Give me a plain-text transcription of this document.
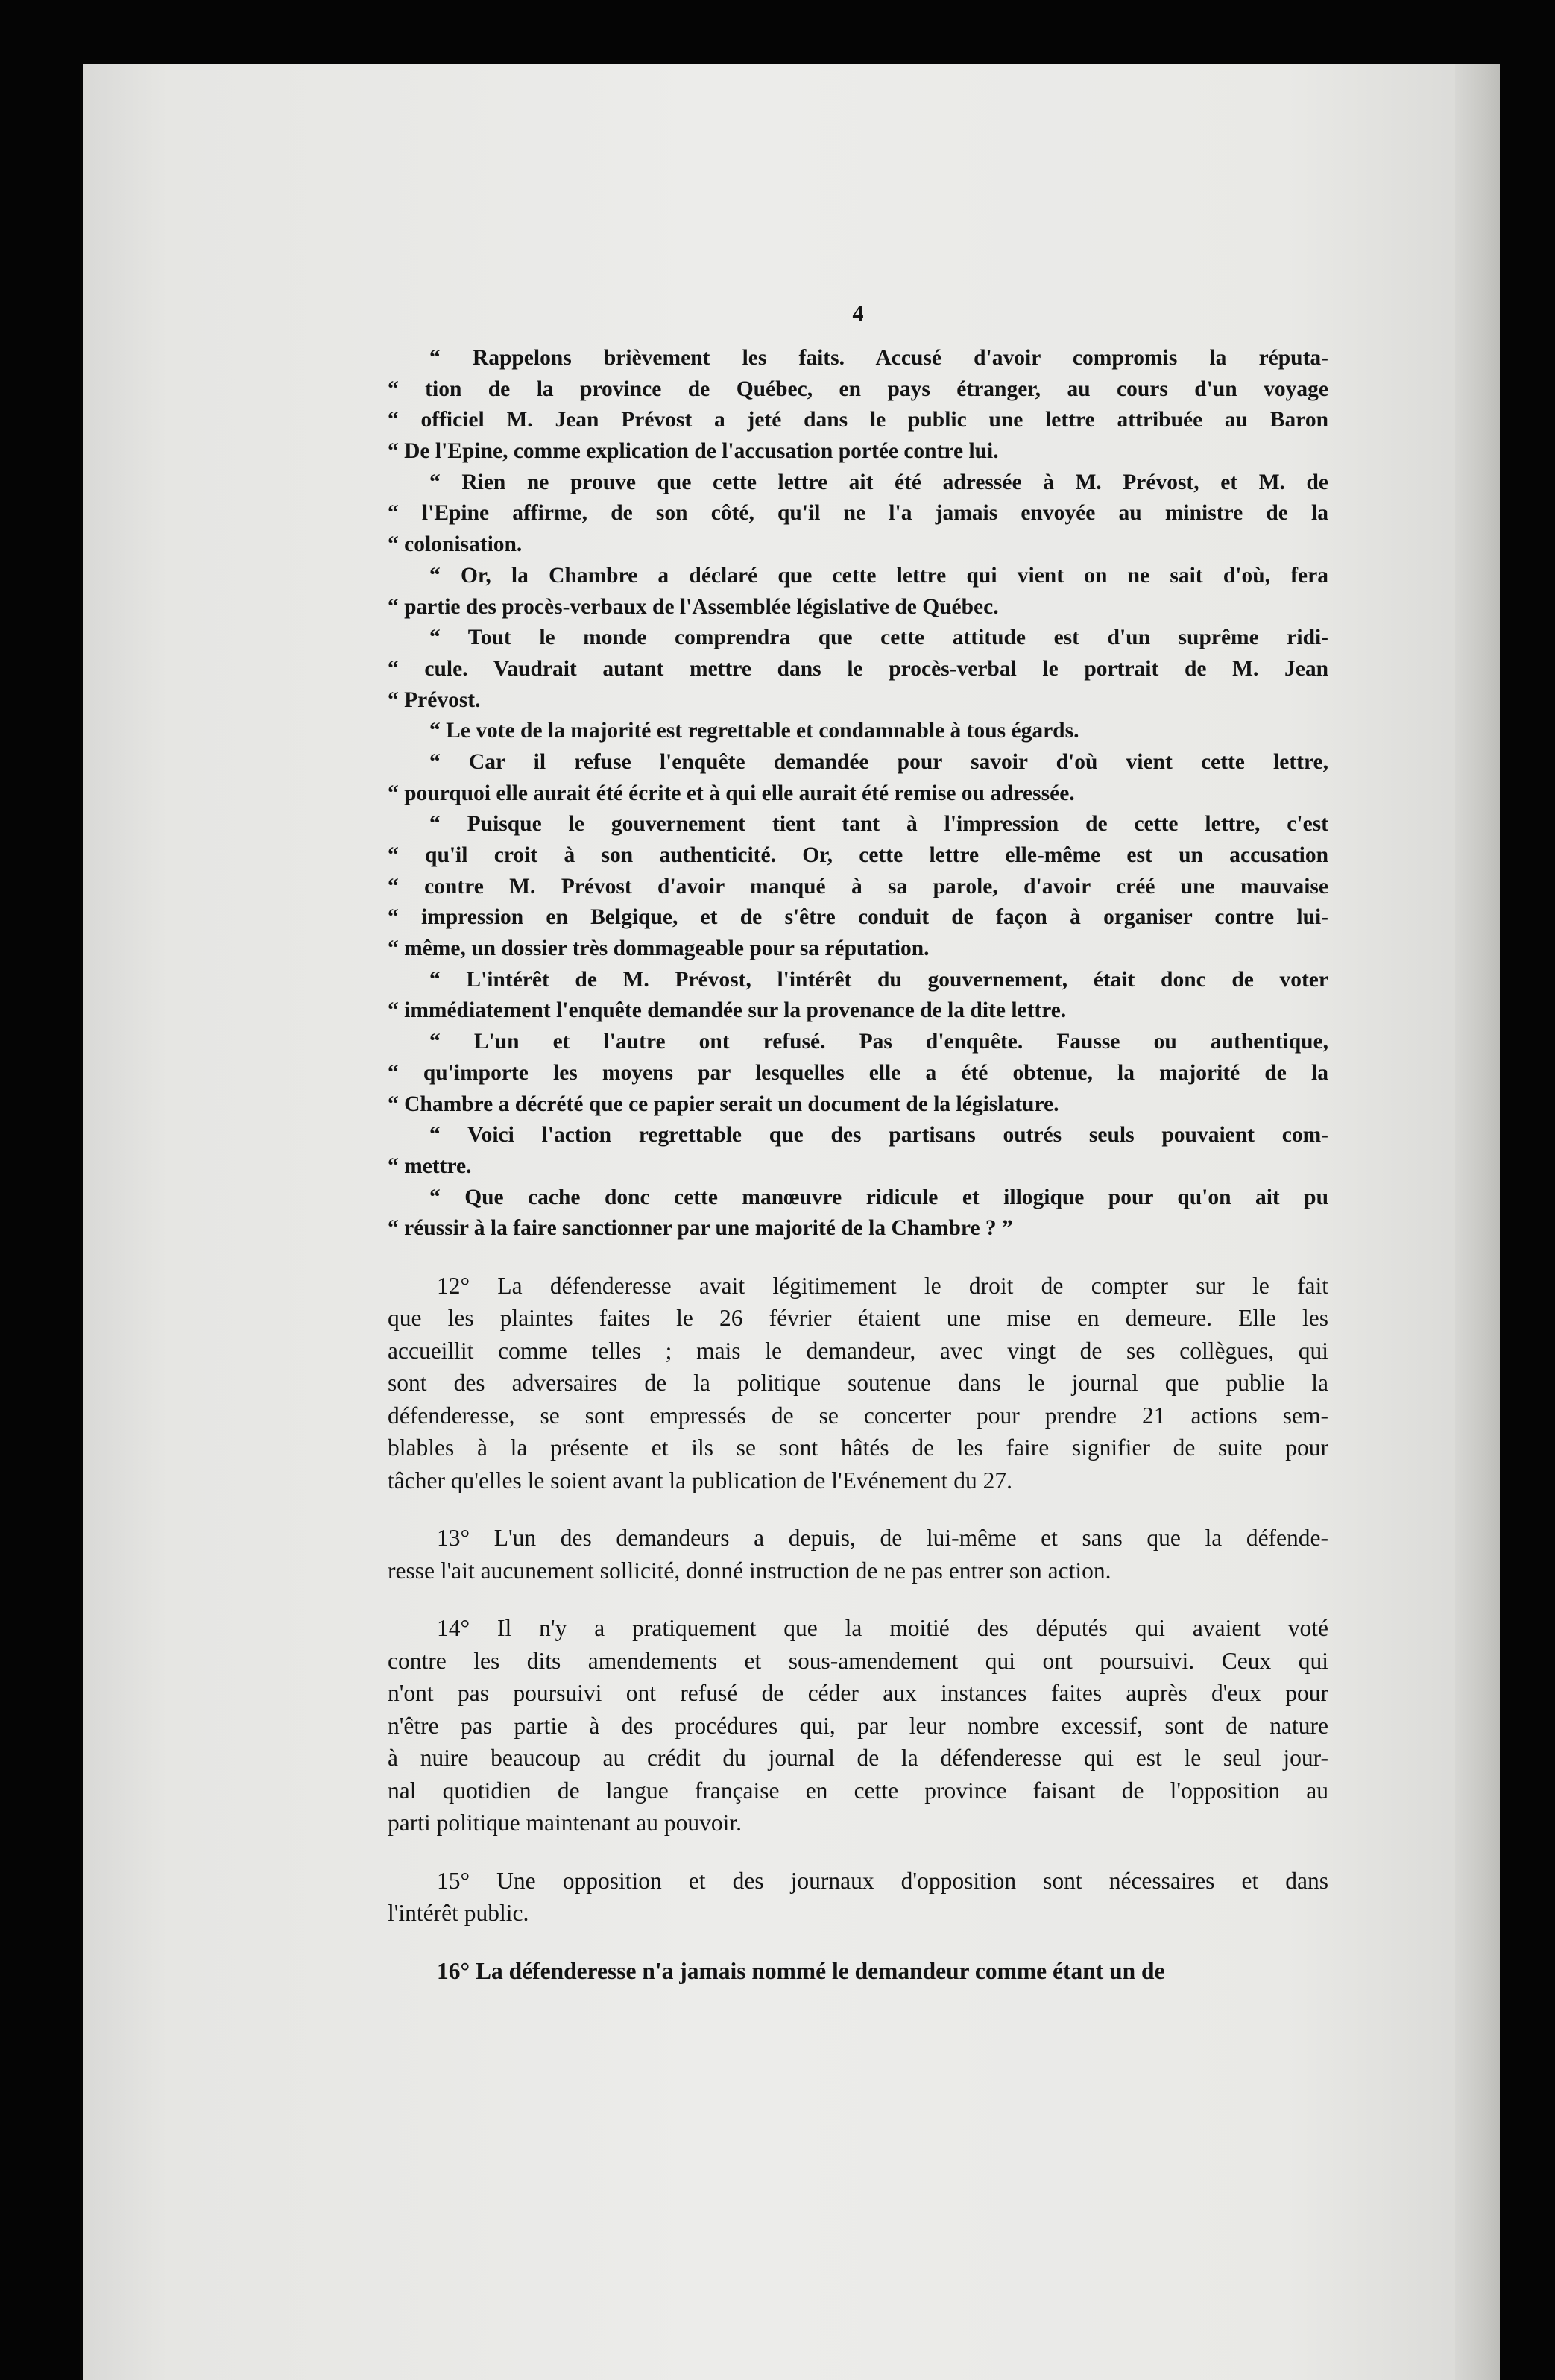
4
“ Rappelons brièvement les faits. Accusé d'avoir compromis la réputa-
“ tion de la province de Québec, en pays étranger, au cours d'un voyage
“ officiel M. Jean Prévost a jeté dans le public une lettre attribuée au Baron
“ De l'Epine, comme explication de l'accusation portée contre lui.
“ Rien ne prouve que cette lettre ait été adressée à M. Prévost, et M. de
“ l'Epine affirme, de son côté, qu'il ne l'a jamais envoyée au ministre de la
“ colonisation.
“ Or, la Chambre a déclaré que cette lettre qui vient on ne sait d'où, fera
“ partie des procès-verbaux de l'Assemblée législative de Québec.
“ Tout le monde comprendra que cette attitude est d'un suprême ridi-
“ cule. Vaudrait autant mettre dans le procès-verbal le portrait de M. Jean
“ Prévost.
“ Le vote de la majorité est regrettable et condamnable à tous égards.
“ Car il refuse l'enquête demandée pour savoir d'où vient cette lettre,
“ pourquoi elle aurait été écrite et à qui elle aurait été remise ou adressée.
“ Puisque le gouvernement tient tant à l'impression de cette lettre, c'est
“ qu'il croit à son authenticité. Or, cette lettre elle-même est un accusation
“ contre M. Prévost d'avoir manqué à sa parole, d'avoir créé une mauvaise
“ impression en Belgique, et de s'être conduit de façon à organiser contre lui-
“ même, un dossier très dommageable pour sa réputation.
“ L'intérêt de M. Prévost, l'intérêt du gouvernement, était donc de voter
“ immédiatement l'enquête demandée sur la provenance de la dite lettre.
“ L'un et l'autre ont refusé. Pas d'enquête. Fausse ou authentique,
“ qu'importe les moyens par lesquelles elle a été obtenue, la majorité de la
“ Chambre a décrété que ce papier serait un document de la législature.
“ Voici l'action regrettable que des partisans outrés seuls pouvaient com-
“ mettre.
“ Que cache donc cette manœuvre ridicule et illogique pour qu'on ait pu
“ réussir à la faire sanctionner par une majorité de la Chambre ? ”
12° La défenderesse avait légitimement le droit de compter sur le fait
que les plaintes faites le 26 février étaient une mise en demeure. Elle les
accueillit comme telles ; mais le demandeur, avec vingt de ses collègues, qui
sont des adversaires de la politique soutenue dans le journal que publie la
défenderesse, se sont empressés de se concerter pour prendre 21 actions sem-
blables à la présente et ils se sont hâtés de les faire signifier de suite pour
tâcher qu'elles le soient avant la publication de l'Evénement du 27.
13° L'un des demandeurs a depuis, de lui-même et sans que la défende-
resse l'ait aucunement sollicité, donné instruction de ne pas entrer son action.
14° Il n'y a pratiquement que la moitié des députés qui avaient voté
contre les dits amendements et sous-amendement qui ont poursuivi. Ceux qui
n'ont pas poursuivi ont refusé de céder aux instances faites auprès d'eux pour
n'être pas partie à des procédures qui, par leur nombre excessif, sont de nature
à nuire beaucoup au crédit du journal de la défenderesse qui est le seul jour-
nal quotidien de langue française en cette province faisant de l'opposition au
parti politique maintenant au pouvoir.
15° Une opposition et des journaux d'opposition sont nécessaires et dans
l'intérêt public.
16° La défenderesse n'a jamais nommé le demandeur comme étant un de
